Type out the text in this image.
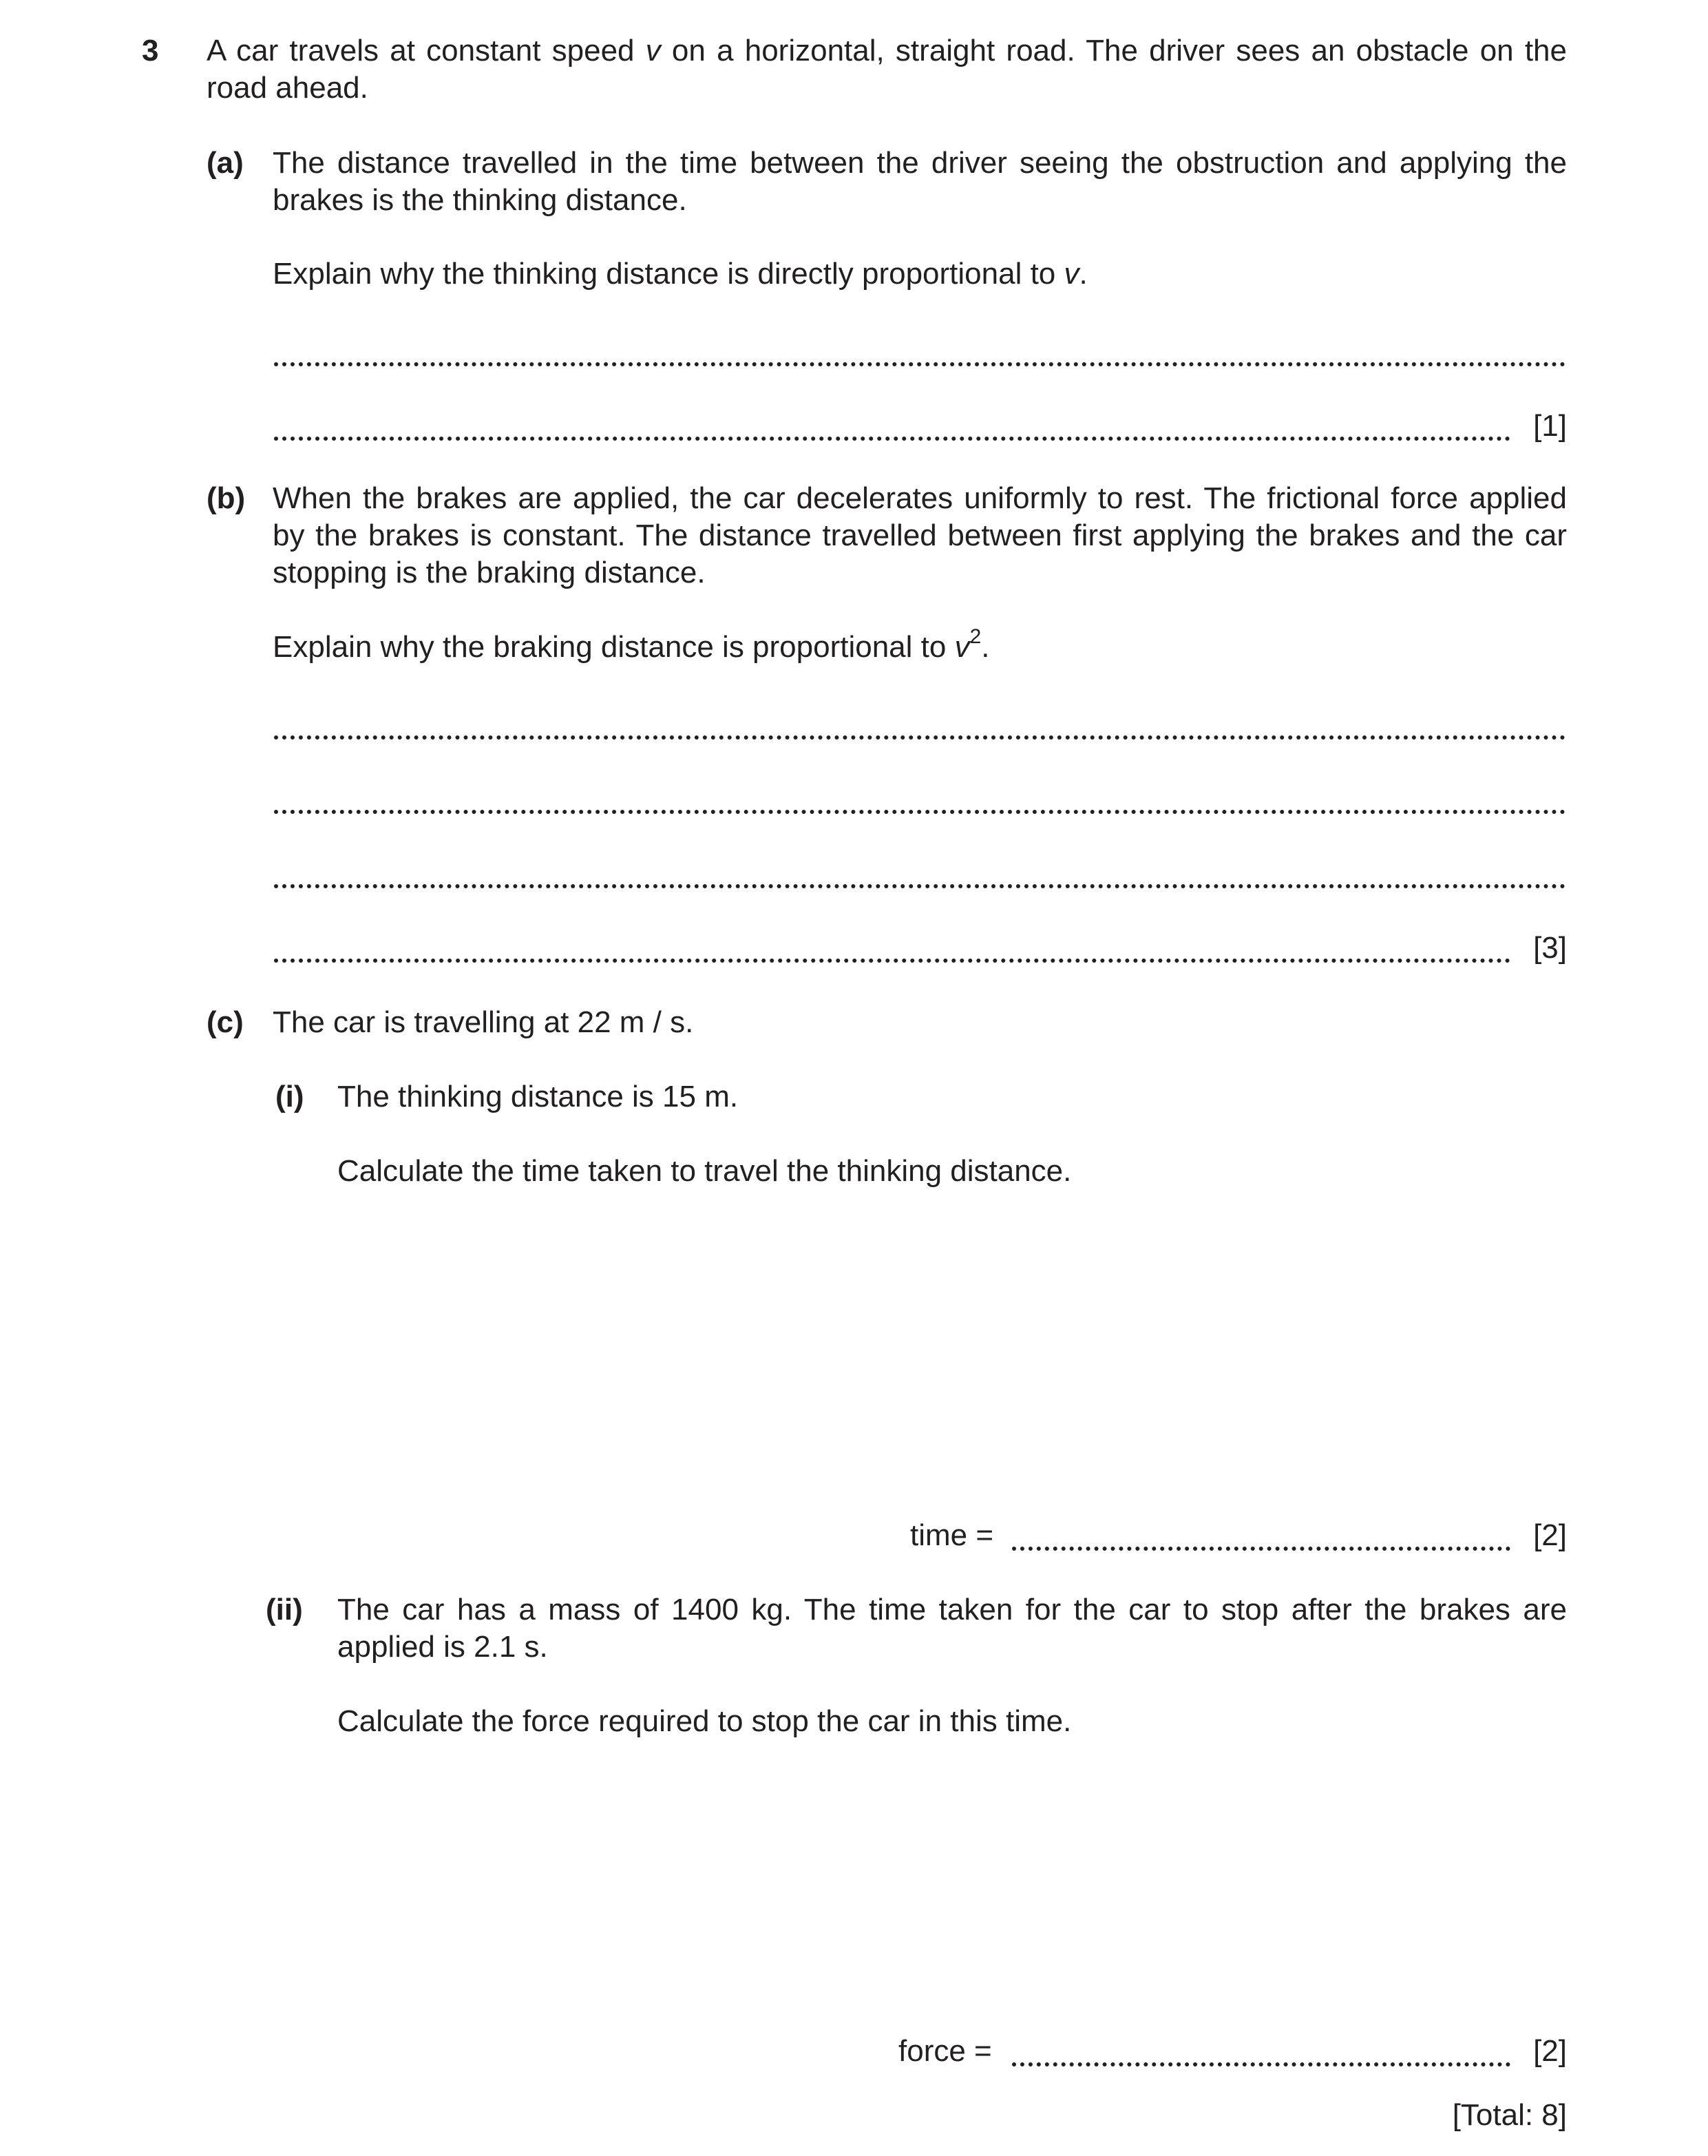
3 A car travels at constant speed v on a horizontal, straight road. The driver sees an obstacle on the road ahead.
(a) The distance travelled in the time between the driver seeing the obstruction and applying the brakes is the thinking distance.
Explain why the thinking distance is directly proportional to v.
[1]
(b) When the brakes are applied, the car decelerates uniformly to rest. The frictional force applied by the brakes is constant. The distance travelled between first applying the brakes and the car stopping is the braking distance.
Explain why the braking distance is proportional to $v^2$.
[3]
(c) The car is travelling at 22 m / s.
(i) The thinking distance is 15 m.
Calculate the time taken to travel the thinking distance.
time =	[2]
(ii) The car has a mass of 1400 kg. The time taken for the car to stop after the brakes are applied is 2.1 s.
Calculate the force required to stop the car in this time.
force =	[2]
[Total: 8]
